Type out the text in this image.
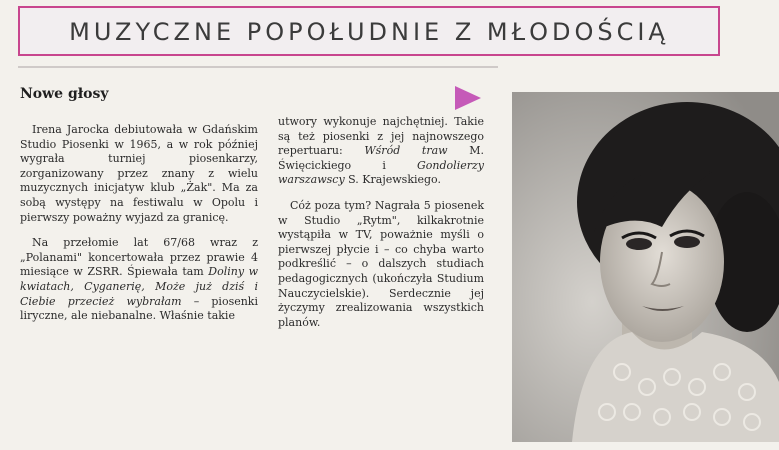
MUZYCZNE POPOŁUDNIE Z MŁODOŚCIĄ
Nowe głosy

Irena Jarocka debiutowała w Gdańskim Studio Piosenki w 1965, a w rok później wygrała turniej piosenkarzy, zorganizowany przez znany z wielu muzycznych inicjatyw klub „Żak". Ma za sobą występy na festiwalu w Opolu i pierwszy poważny wyjazd za granicę.

Na przełomie lat 67/68 wraz z „Polanami" koncertowała przez prawie 4 miesiące w ZSRR. Śpiewała tam Doliny w kwiatach, Cyganerię, Może już dziś i Ciebie przecież wybrałam – piosenki liryczne, ale niebanalne. Właśnie takie

utwory wykonuje najchętniej. Takie są też piosenki z jej najnowszego repertuaru: Wśród traw M. Święcickiego i Gondolierzy warszawscy S. Krajewskiego.

Cóż poza tym? Nagrała 5 piosenek w Studio „Rytm", kilkakrotnie wystąpiła w TV, poważnie myśli o pierwszej płycie i – co chyba warto podkreślić – o dalszych studiach pedagogicznych (ukończyła Studium Nauczycielskie). Serdecznie jej życzymy zrealizowania wszystkich planów.
